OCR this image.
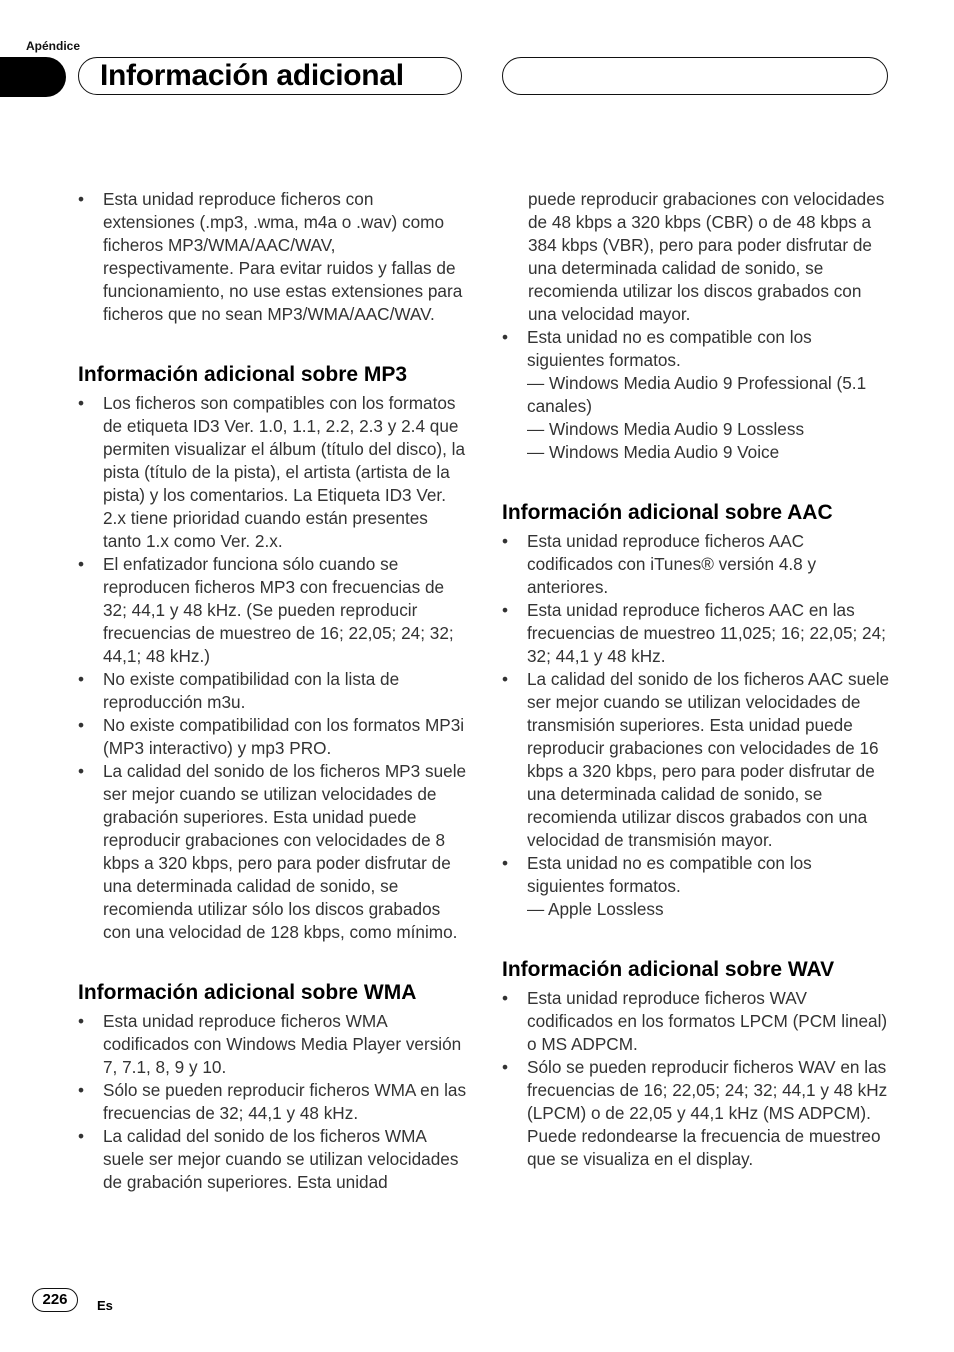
Apéndice
Información adicional
• Esta unidad reproduce ficheros con extensiones (.mp3, .wma, m4a o .wav) como ficheros MP3/WMA/AAC/WAV, respectivamente. Para evitar ruidos y fallas de funcionamiento, no use estas extensiones para ficheros que no sean MP3/WMA/AAC/WAV.
Información adicional sobre MP3
• Los ficheros son compatibles con los formatos de etiqueta ID3 Ver. 1.0, 1.1, 2.2, 2.3 y 2.4 que permiten visualizar el álbum (título del disco), la pista (título de la pista), el artista (artista de la pista) y los comentarios. La Etiqueta ID3 Ver. 2.x tiene prioridad cuando están presentes tanto 1.x como Ver. 2.x.
• El enfatizador funciona sólo cuando se reproducen ficheros MP3 con frecuencias de 32; 44,1 y 48 kHz. (Se pueden reproducir frecuencias de muestreo de 16; 22,05; 24; 32; 44,1; 48 kHz.)
• No existe compatibilidad con la lista de reproducción m3u.
• No existe compatibilidad con los formatos MP3i (MP3 interactivo) y mp3 PRO.
• La calidad del sonido de los ficheros MP3 suele ser mejor cuando se utilizan velocidades de grabación superiores. Esta unidad puede reproducir grabaciones con velocidades de 8 kbps a 320 kbps, pero para poder disfrutar de una determinada calidad de sonido, se recomienda utilizar sólo los discos grabados con una velocidad de 128 kbps, como mínimo.
Información adicional sobre WMA
• Esta unidad reproduce ficheros WMA codificados con Windows Media Player versión 7, 7.1, 8, 9 y 10.
• Sólo se pueden reproducir ficheros WMA en las frecuencias de 32; 44,1 y 48 kHz.
• La calidad del sonido de los ficheros WMA suele ser mejor cuando se utilizan velocidades de grabación superiores. Esta unidad
puede reproducir grabaciones con velocidades de 48 kbps a 320 kbps (CBR) o de 48 kbps a 384 kbps (VBR), pero para poder disfrutar de una determinada calidad de sonido, se recomienda utilizar los discos grabados con una velocidad mayor.
• Esta unidad no es compatible con los siguientes formatos.
— Windows Media Audio 9 Professional (5.1 canales)
— Windows Media Audio 9 Lossless
— Windows Media Audio 9 Voice
Información adicional sobre AAC
• Esta unidad reproduce ficheros AAC codificados con iTunes® versión 4.8 y anteriores.
• Esta unidad reproduce ficheros AAC en las frecuencias de muestreo 11,025; 16; 22,05; 24; 32; 44,1 y 48 kHz.
• La calidad del sonido de los ficheros AAC suele ser mejor cuando se utilizan velocidades de transmisión superiores. Esta unidad puede reproducir grabaciones con velocidades de 16 kbps a 320 kbps, pero para poder disfrutar de una determinada calidad de sonido, se recomienda utilizar discos grabados con una velocidad de transmisión mayor.
• Esta unidad no es compatible con los siguientes formatos.
— Apple Lossless
Información adicional sobre WAV
• Esta unidad reproduce ficheros WAV codificados en los formatos LPCM (PCM lineal) o MS ADPCM.
• Sólo se pueden reproducir ficheros WAV en las frecuencias de 16; 22,05; 24; 32; 44,1 y 48 kHz (LPCM) o de 22,05 y 44,1 kHz (MS ADPCM). Puede redondearse la frecuencia de muestreo que se visualiza en el display.
226	Es
